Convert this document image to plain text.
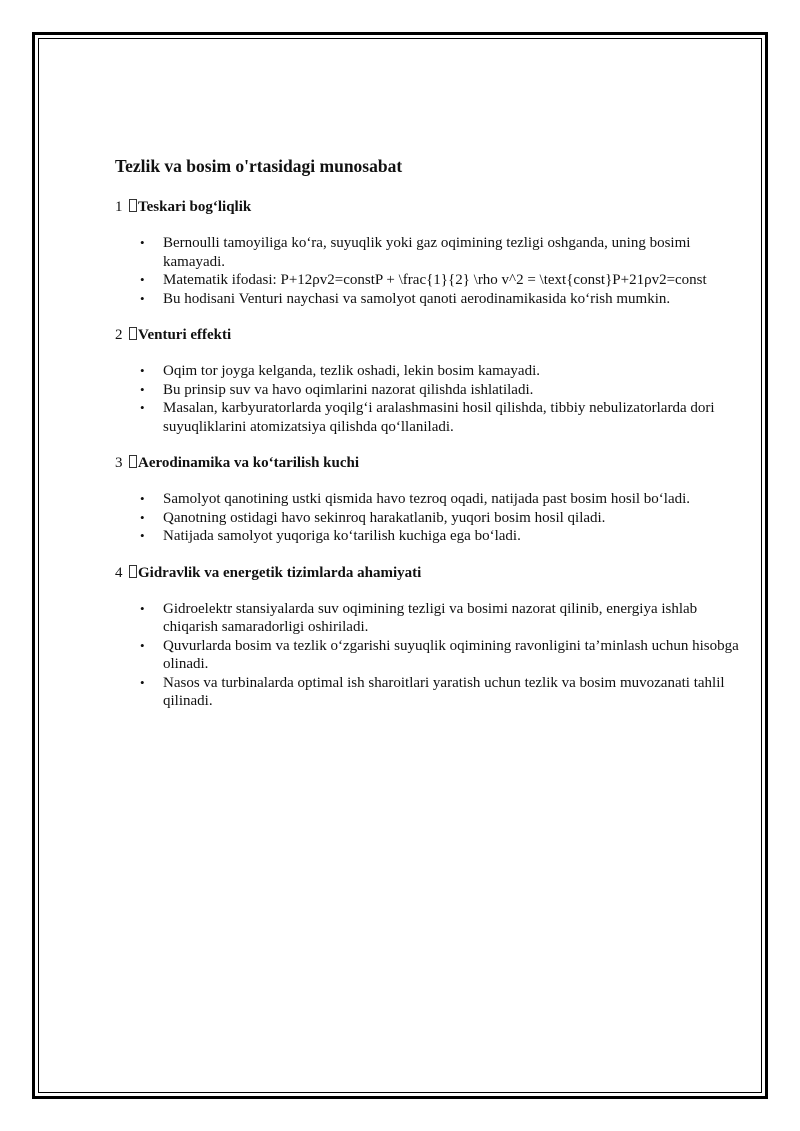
Tezlik va bosim o'rtasidagi munosabat
1	Teskari bog‘liqlik
• Bernoulli tamoyiliga ko‘ra, suyuqlik yoki gaz oqimining tezligi oshganda, uning bosimi kamayadi.
• Matematik ifodasi: P+12ρv2=constP + \frac{1}{2} \rho v^2 = \text{const}P+21​ρv2=const
• Bu hodisani Venturi naychasi va samolyot qanoti aerodinamikasida ko‘rish mumkin.
2	Venturi effekti
• Oqim tor joyga kelganda, tezlik oshadi, lekin bosim kamayadi.
• Bu prinsip suv va havo oqimlarini nazorat qilishda ishlatiladi.
• Masalan, karbyuratorlarda yoqilg‘i aralashmasini hosil qilishda, tibbiy nebulizatorlarda dori suyuqliklarini atomizatsiya qilishda qo‘llaniladi.
3	Aerodinamika va ko‘tarilish kuchi
• Samolyot qanotining ustki qismida havo tezroq oqadi, natijada past bosim hosil bo‘ladi.
• Qanotning ostidagi havo sekinroq harakatlanib, yuqori bosim hosil qiladi.
• Natijada samolyot yuqoriga ko‘tarilish kuchiga ega bo‘ladi.
4	Gidravlik va energetik tizimlarda ahamiyati
• Gidroelektr stansiyalarda suv oqimining tezligi va bosimi nazorat qilinib, energiya ishlab chiqarish samaradorligi oshiriladi.
• Quvurlarda bosim va tezlik o‘zgarishi suyuqlik oqimining ravonligini ta’minlash uchun hisobga olinadi.
• Nasos va turbinalarda optimal ish sharoitlari yaratish uchun tezlik va bosim muvozanati tahlil qilinadi.
